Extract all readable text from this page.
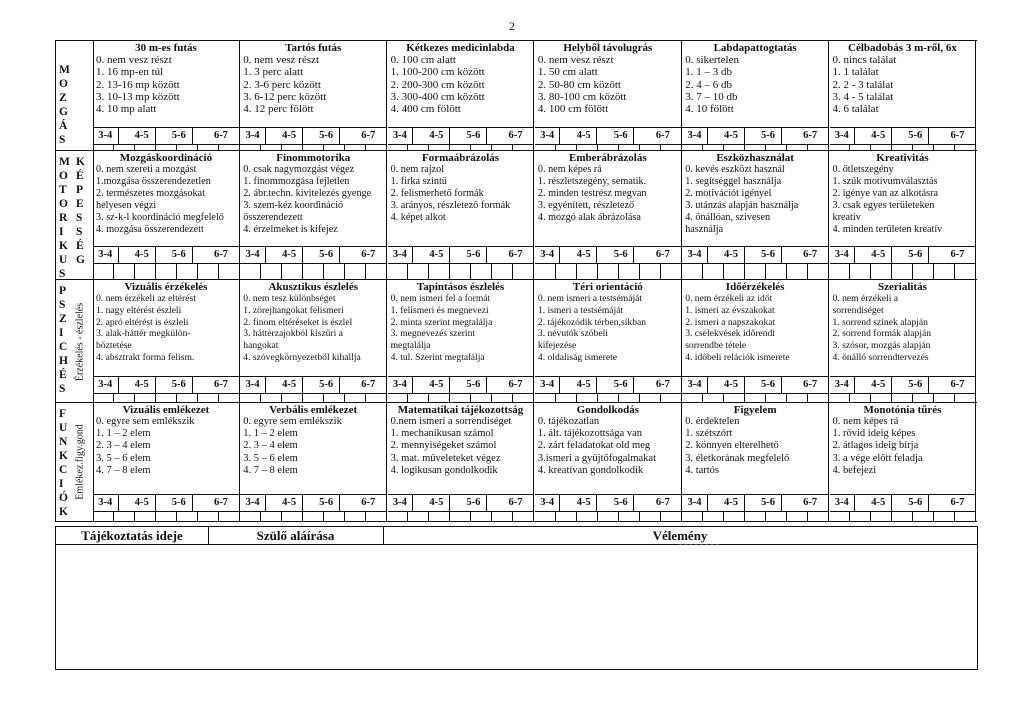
2
M
O
Z
G
Á
S
30 m-es futás
0. nem vesz részt
1. 16 mp-en túl
2. 13-16 mp között
3. 10-13 mp között
4. 10 mp alatt
3-4	4-5	5-6	6-7
Tartós futás
0. nem vesz részt
1. 3 perc alatt
2. 3-6 perc között
3. 6-12 perc között
4. 12 perc fölött
3-4	4-5	5-6	6-7
Kétkezes medicinlabda
0. 100 cm alatt
1. 100-200 cm között
2. 200-300 cm között
3. 300-400 cm között
4. 400 cm fölött
3-4	4-5	5-6	6-7
Helyből távolugrás
0. nem vesz részt
1. 50 cm alatt
2. 50-80 cm között
3. 80-100 cm között
4. 100 cm fölött
3-4	4-5	5-6	6-7
Labdapattogtatás
0. sikertelen
1. 1 – 3 db
2. 4 – 6 db
3. 7 – 10 db
4. 10 fölött
3-4	4-5	5-6	6-7
Célbadobás 3 m-ről, 6x
0. nincs találat
1. 1 találat
2. 2 - 3 találat
3. 4 - 5 találat
4. 6 találat
3-4	4-5	5-6	6-7
M
O
T
O
R
I
K
U
S
K
É
P
E
S
S
É
G
Mozgáskoordináció
0. nem szereti a mozgást
1.mozgása összerendezetlen
2. természetes mozgásokat
helyesen végzi
3. sz-k-l koordináció megfelelő
4. mozgása összerendezett
3-4	4-5	5-6	6-7
Finommotorika
0. csak nagymozgást végez
1. finommozgása fejletlen
2. ábr.techn. kivitelezés gyenge
3. szem-kéz koordináció
összerendezett
4. érzelmeket is kifejez
3-4	4-5	5-6	6-7
Formaábrázolás
0. nem rajzol
1. firka szintű
2. felismerhető formák
3. arányos, részletező formák
4. képet alkot
3-4	4-5	5-6	6-7
Emberábrázolás
0. nem képes rá
1. részletszegény, sematik.
2. minden testrész megvan
3. egyénített, részletező
4. mozgó alak ábrázolása
3-4	4-5	5-6	6-7
Eszközhasználat
0. kevés eszközt használ
1. segítséggel használja
2. motivációt igényel
3. utánzás alapján használja
4. önállóan, szivesen
használja
3-4	4-5	5-6	6-7
Kreativitás
0. ötletszegény
1. szűk motívumválasztás
2. igénye van az alkotásra
3. csak egyes területeken
kreatív
4. minden területen kreatív
3-4	4-5	5-6	6-7
P
S
Z
I
C
H
É
S
Érzékelés - észlelés
Vizuális érzékelés
0. nem érzékeli az eltérést
1. nagy eltérést észleli
2. apró eltérést is észleli
3. alak-háttér megkülön-
böztetése
4. absztrakt forma felism.
3-4	4-5	5-6	6-7
Akusztikus észlelés
0. nem tesz különbséget
1. zörejhangokat felismeri
2. finom eltéréseket is észlel
3. háttérzajokból kiszűri a
hangokat
4. szóvegkörnyezetből kihallja
3-4	4-5	5-6	6-7
Tapintásos észlelés
0. nem ismeri fel a formát
1. felismeri és megnevezi
2. minta szerint megtalálja
3. megnevezés szerint
megtalálja
4. tul. Szerint megtalálja
3-4	4-5	5-6	6-7
Téri orientáció
0. nem ismeri a testsémáját
1. ismeri a testsémáját
2. tájékozódik térben,síkban
3. névutók szóbeli
kifejezése
4. oldaliság ismerete
3-4	4-5	5-6	6-7
Időérzékelés
0. nem érzékeli az időt
1. ismeri az évszakokat
2. ismeri a napszakokat
3. cselekvések időrendi
sorrendbe tétele
4. időbeli relációk ismerete
3-4	4-5	5-6	6-7
Szerialitás
0. nem érzékeli a
sorrendiséget
1. sorrend színek alapján
2. sorrend formák alapján
3. szósor, mozgás alapján
4. önálló sorrendtervezés
3-4	4-5	5-6	6-7
F
U
N
K
C
I
Ó
K
Emlékez.figy.gond
Vizuális emlékezet
0. egyre sem emlékszik
1. 1 – 2 elem
2. 3 – 4 elem
3. 5 – 6 elem
4. 7 – 8 elem
3-4	4-5	5-6	6-7
Verbális emlékezet
0. egyre sem emlékszik
1. 1 – 2 elem
2. 3 – 4 elem
3. 5 – 6 elem
4. 7 – 8 elem
3-4	4-5	5-6	6-7
Matematikai tájékozottság
0.nem ismeri a sorrendiséget
1. mechanikusan számol
2. mennyiségeket számol
3. mat. műveleteket végez
4. logikusan gondolkodik
3-4	4-5	5-6	6-7
Gondolkodás
0. tájékozatlan
1. ált. tájékozottsága van
2. zárt feladatokat old meg
3.ismeri a gyűjtőfogalmakat
4. kreatívan gondolkodik
3-4	4-5	5-6	6-7
Figyelem
0. érdektelen
1. szétszórt
2. könnyen elterelhető
3. életkorának megfelelő
4. tartós
3-4	4-5	5-6	6-7
Monotónia tűrés
0. nem képes rá
1. rövid ideig képes
2. átlagos ideig bírja
3. a vége előtt feladja
4. befejezi
3-4	4-5	5-6	6-7
Tájékoztatás ideje	Szülő aláírása	Vélemény
